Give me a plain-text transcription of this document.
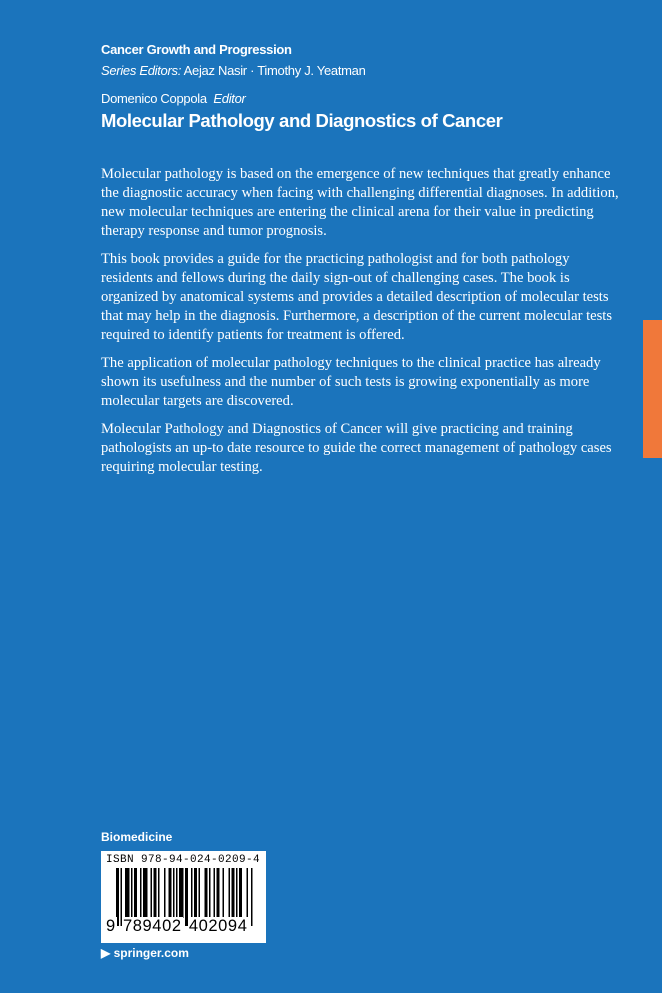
Cancer Growth and Progression
Series Editors: Aejaz Nasir · Timothy J. Yeatman
Domenico Coppola Editor
Molecular Pathology and Diagnostics of Cancer

Molecular pathology is based on the emergence of new techniques that greatly enhance the diagnostic accuracy when facing with challenging differential diagnoses. In addition, new molecular techniques are entering the clinical arena for their value in predicting therapy response and tumor prognosis.

This book provides a guide for the practicing pathologist and for both pathology residents and fellows during the daily sign-out of challenging cases. The book is organized by anatomical systems and provides a detailed description of molecular tests that may help in the diagnosis. Furthermore, a description of the current molecular tests required to identify patients for treatment is offered.

The application of molecular pathology techniques to the clinical practice has already shown its usefulness and the number of such tests is growing exponentially as more molecular targets are discovered.

Molecular Pathology and Diagnostics of Cancer will give practicing and training pathologists an up-to date resource to guide the correct management of pathology cases requiring molecular testing.

Biomedicine
ISBN 978-94-024-0209-4
9 789402 402094
▶ springer.com
